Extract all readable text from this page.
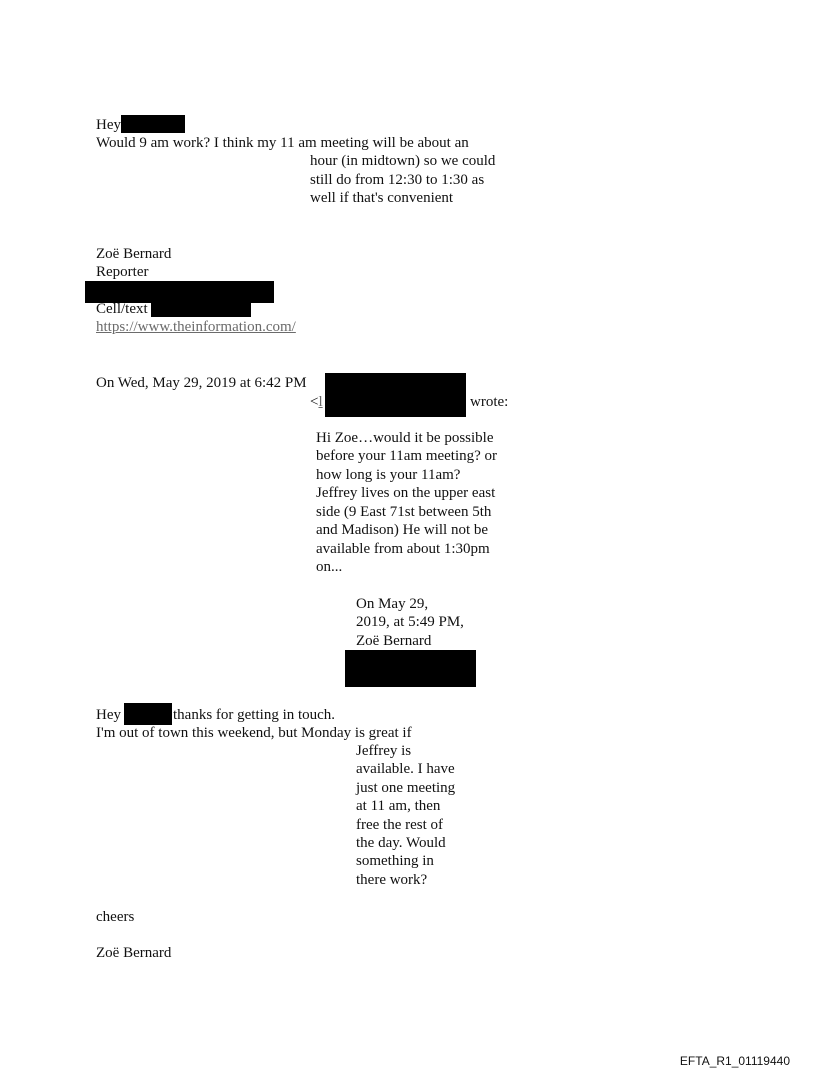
Hey
Would 9 am work? I think my 11 am meeting will be about an
hour (in midtown) so we could
still do from 12:30 to 1:30 as
well if that's convenient
Zoë Bernard
Reporter
Cell/text
https://www.theinformation.com/
On Wed, May 29, 2019 at 6:42 PM
<l	wrote:
Hi Zoe…would it be possible
before your 11am meeting? or
how long is your 11am?
Jeffrey lives on the upper east
side (9 East 71st between 5th
and Madison) He will not be
available from about 1:30pm
on...
On May 29,
2019, at 5:49 PM,
Zoë Bernard
Hey	thanks for getting in touch.
I'm out of town this weekend, but Monday is great if
Jeffrey is
available. I have
just one meeting
at 11 am, then
free the rest of
the day. Would
something in
there work?
cheers
Zoë Bernard
EFTA_R1_01119440
